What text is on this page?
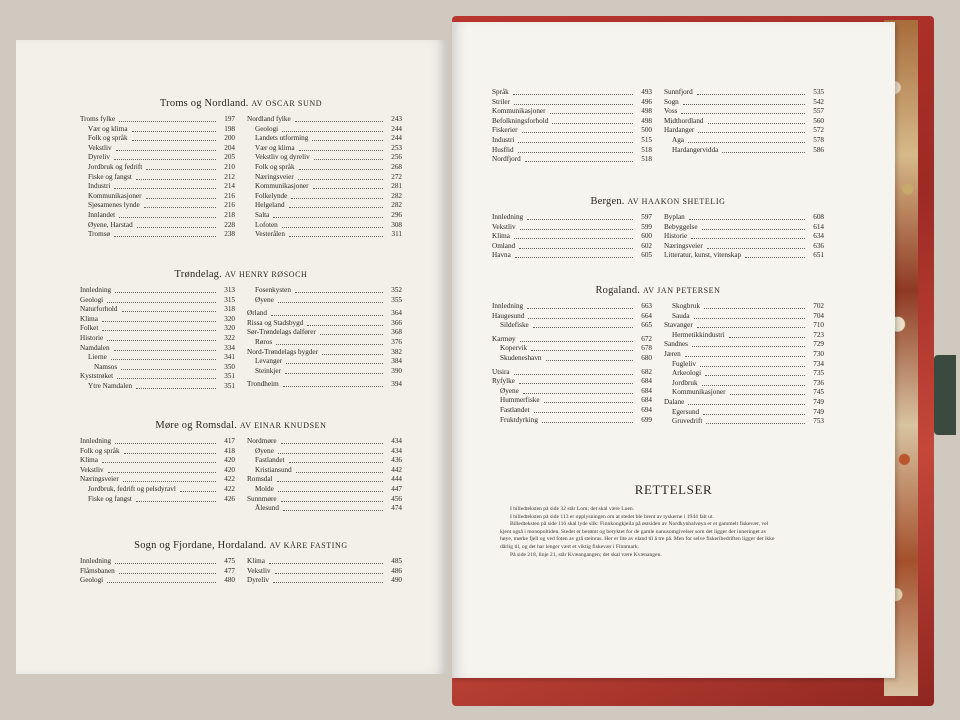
Troms og Nordland. AV OSCAR SUND
Troms fylke	197
Vær og klima	198
Folk og språk	200
Vekstliv	204
Dyreliv	205
Jordbruk og fedrift	210
Fiske og fangst	212
Industri	214
Kommunikasjoner	216
Sjøsamenes lynde	216
Innlandet	218
Øyene, Harstad	228
Tromsø	238
Nordland fylke	243
Geologi	244
Landets utforming	244
Vær og klima	253
Vekstliv og dyreliv	256
Folk og språk	268
Næringsveier	272
Kommunikasjoner	281
Folkelynde	282
Helgeland	282
Salta	296
Lofoten	308
Vesterålen	311
Trøndelag. AV HENRY RØSOCH
Innledning	313
Geologi	315
Naturforhold	318
Klima	320
Folket	320
Historie	322
Namdalen	334
Lierne	341
Namsos	350
Kyststrøket	351
Ytre Namdalen	351
Fosenkysten	352
Øyene	355
Ørland	364
Rissa og Stadsbygd	366
Sør-Trøndelags dalfører	368
Røros	376
Nord-Trøndelags bygder	382
Levanger	384
Steinkjer	390
Trondheim	394
Møre og Romsdal. AV EINAR KNUDSEN
Innledning	417
Folk og språk	418
Klima	420
Vekstliv	420
Næringsveier	422
Jordbruk, fedrift og pelsdyravl	422
Fiske og fangst	426
Nordmøre	434
Øyene	434
Fastlandet	436
Kristiansund	442
Romsdal	444
Molde	447
Sunnmøre	456
Ålesund	474
Sogn og Fjordane, Hordaland. AV KÅRE FASTING
Innledning	475
Flåmsbanen	477
Geologi	480
Klima	485
Vekstliv	486
Dyreliv	490
Språk	493
Striler	496
Kommunikasjoner	498
Befolkningsforhold	498
Fiskerier	500
Industri	515
Husflid	518
Nordfjord	518
Sunnfjord	535
Sogn	542
Voss	557
Midthordland	560
Hardanger	572
Aga	578
Hardangervidda	586
Bergen. AV HAAKON SHETELIG
Innledning	597
Vekstliv	599
Klima	600
Omland	602
Havna	605
Byplan	608
Bebyggelse	614
Historie	634
Næringsveier	636
Litteratur, kunst, vitenskap	651
Rogaland. AV JAN PETERSEN
Innledning	663
Haugesund	664
Sildefiske	665
Karmøy	672
Kopervik	678
Skudeneshavn	680
Utsira	682
Ryfylke	684
Øyene	684
Hummerfiske	684
Fastlandet	694
Fruktdyrking	699
Skogbruk	702
Sauda	704
Stavanger	710
Hermetikkindustri	723
Sandnes	729
Jæren	730
Fugleliv	734
Arkeologi	735
Jordbruk	736
Kommunikasjoner	745
Dalane	749
Egersund	749
Gruvedrift	753
RETTELSER

I billedteksten på side 32 står Lom; det skal være Loen.

I billedteksten på side 113 er opplysningen om at stedet ble brent av tyskerne i 1944 falt ut.

Billedteksten på side 116 skal lyde slik: Finnkongkjeila på østsiden av Nordkynhalvøya er et gammelt fiskevær, vel kjent også i monopoltiden. Stedet er berømt og beryktet for de gamle nanusomgivelser som det ligger der inneringet av høye, mørke fjell og ved foten av grå steinras. Her er lite av eland til å tre på. Men for selve fiskeribedriften ligger det ikke dårlig til, og det har lenger vært et viktig fiskevær i Finnmark.

På side 218, linje 21, står Kvæangangen; det skal være Kvænangen.
